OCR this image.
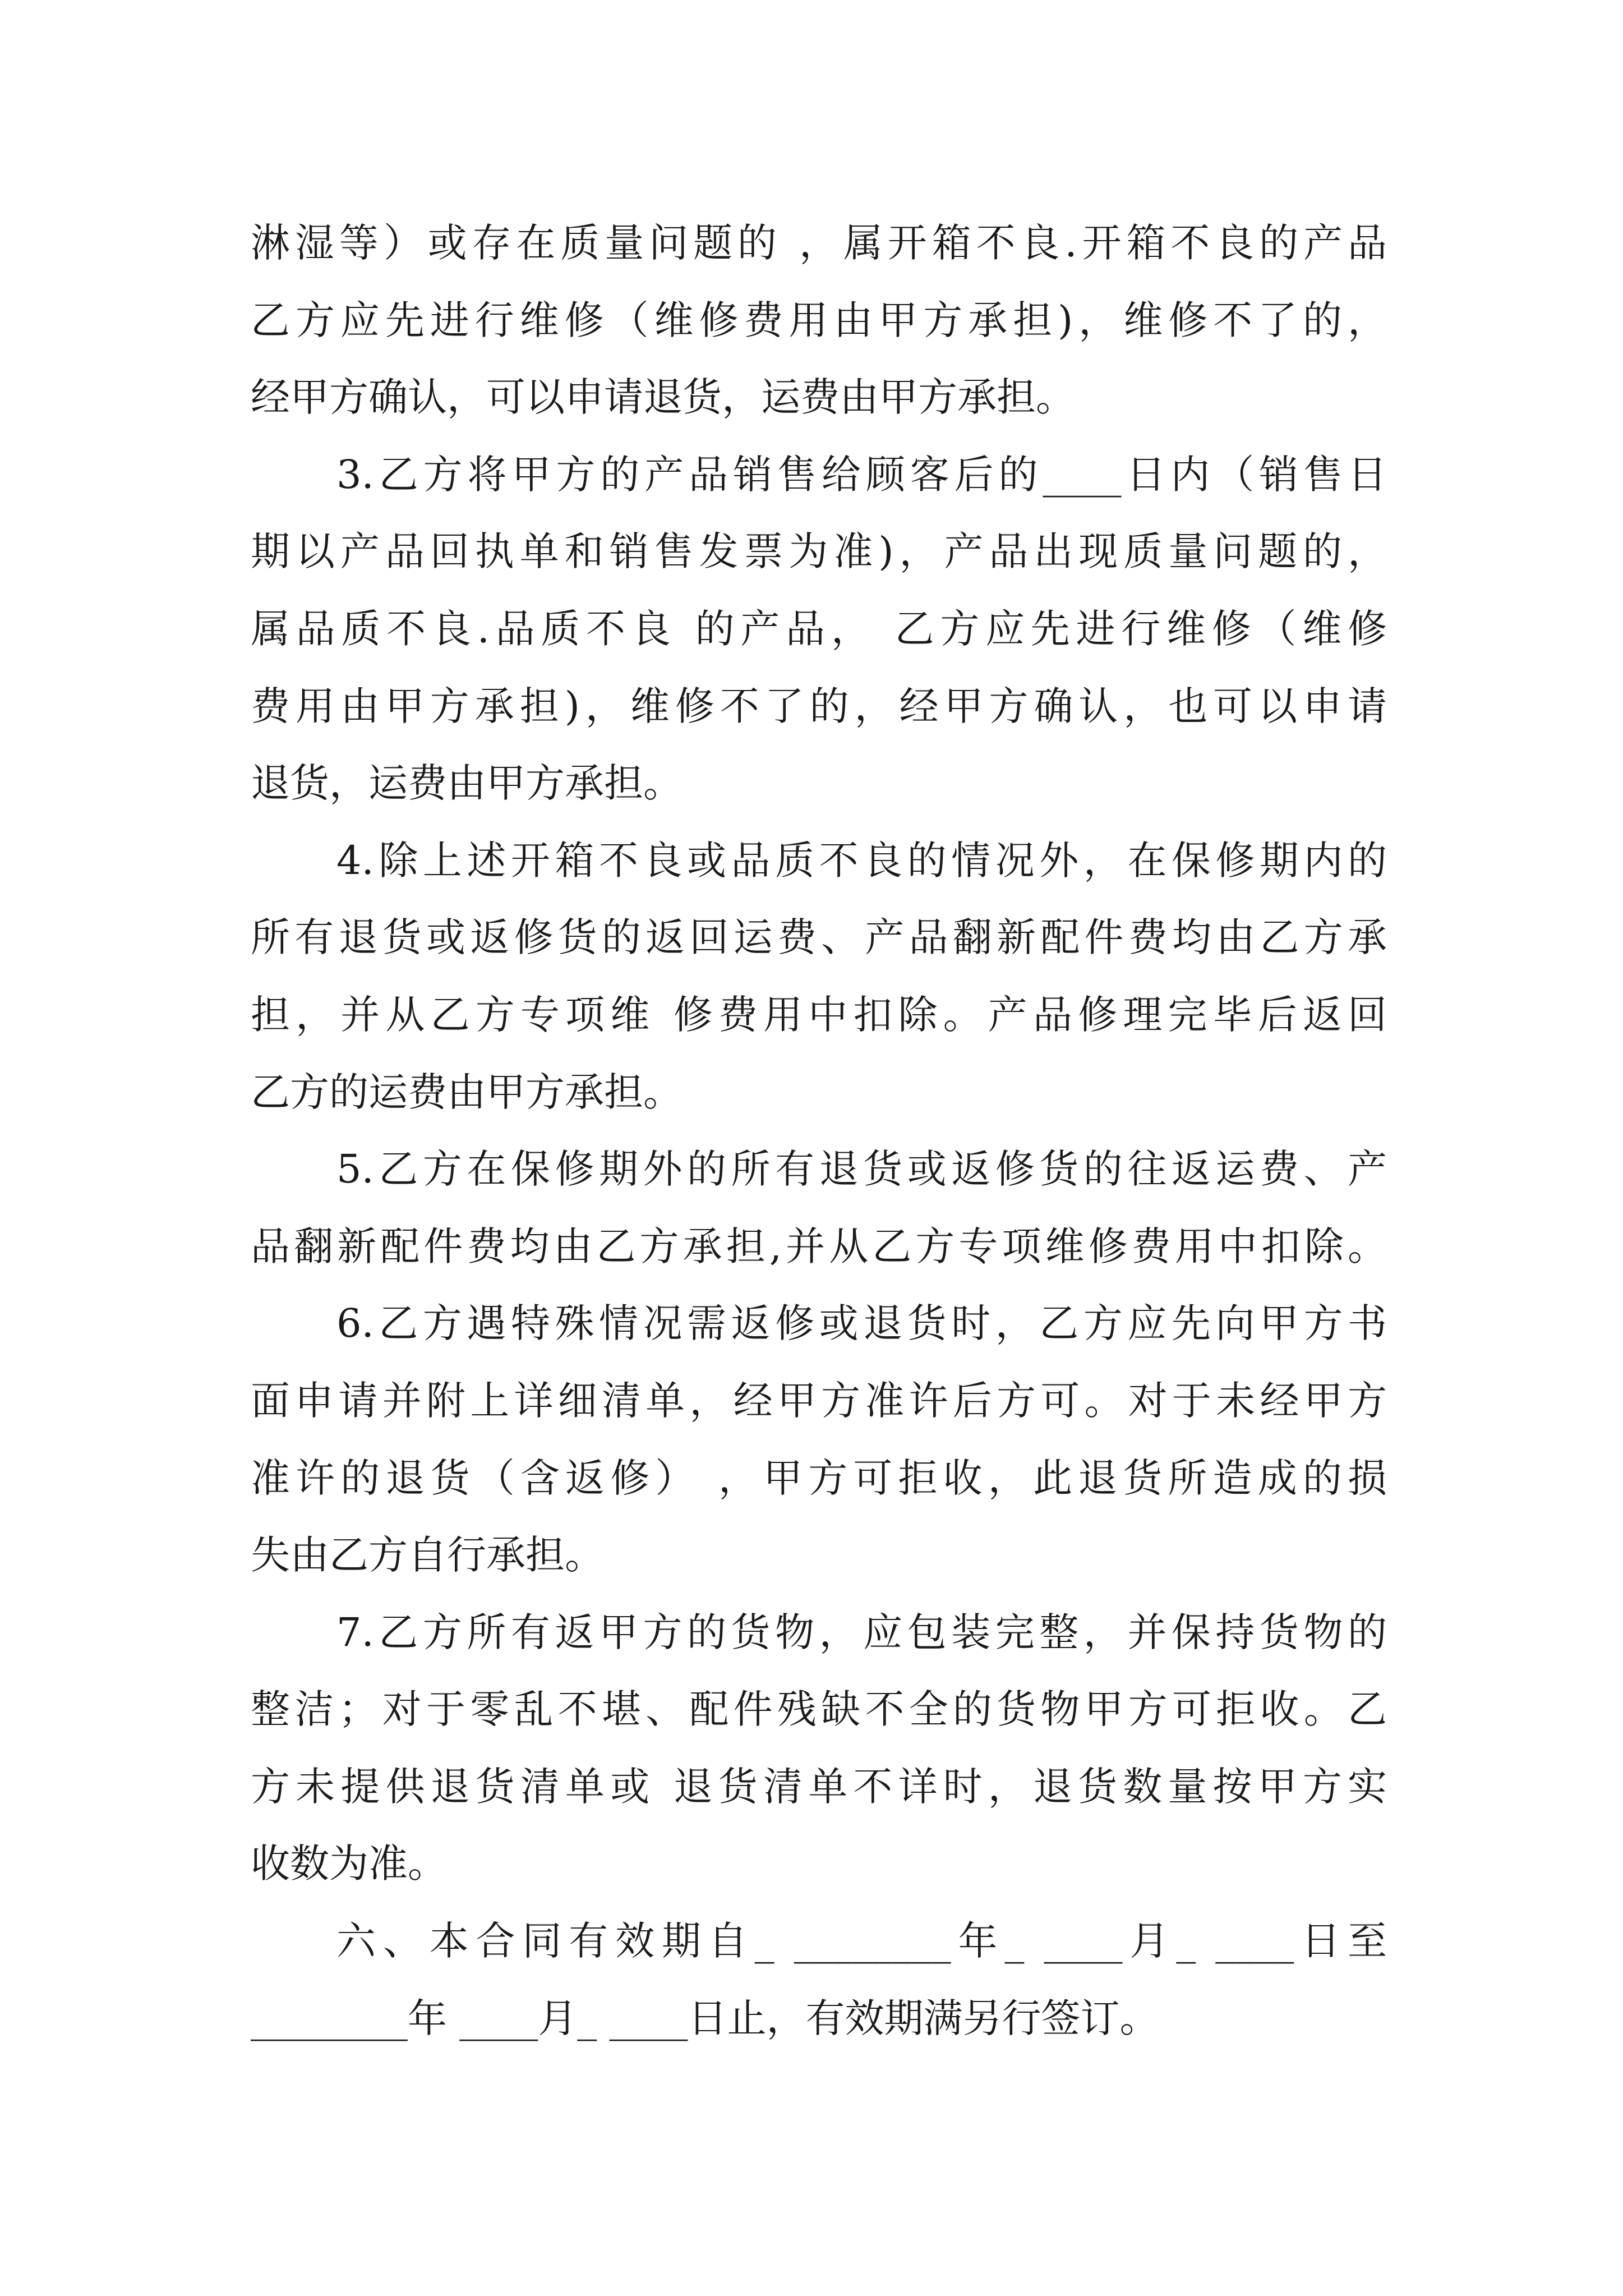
淋湿等）或存在质量问题的 ，属开箱不良.开箱不良的产品
乙方应先进行维修（维修费用由甲方承担)，维修不了的，
经甲方确认，可以申请退货，运费由甲方承担。
3.乙方将甲方的产品销售给顾客后的____日内（销售日
期以产品回执单和销售发票为准)，产品出现质量问题的，
属品质不良.品质不良 的产品， 乙方应先进行维修（维修
费用由甲方承担)，维修不了的，经甲方确认，也可以申请
退货，运费由甲方承担。
4.除上述开箱不良或品质不良的情况外，在保修期内的
所有退货或返修货的返回运费、产品翻新配件费均由乙方承
担，并从乙方专项维 修费用中扣除。产品修理完毕后返回
乙方的运费由甲方承担。
5.乙方在保修期外的所有退货或返修货的往返运费、产
品翻新配件费均由乙方承担,并从乙方专项维修费用中扣除。
6.乙方遇特殊情况需返修或退货时，乙方应先向甲方书
面申请并附上详细清单，经甲方准许后方可。对于未经甲方
准许的退货（含返修） ，甲方可拒收，此退货所造成的损
失由乙方自行承担。
7.乙方所有返甲方的货物，应包装完整，并保持货物的
整洁；对于零乱不堪、配件残缺不全的货物甲方可拒收。乙
方未提供退货清单或 退货清单不详时，退货数量按甲方实
收数为准。
六、本合同有效期自_ ________年_ ____月_ ____日至
________年 ____月_ ____日止，有效期满另行签订。
